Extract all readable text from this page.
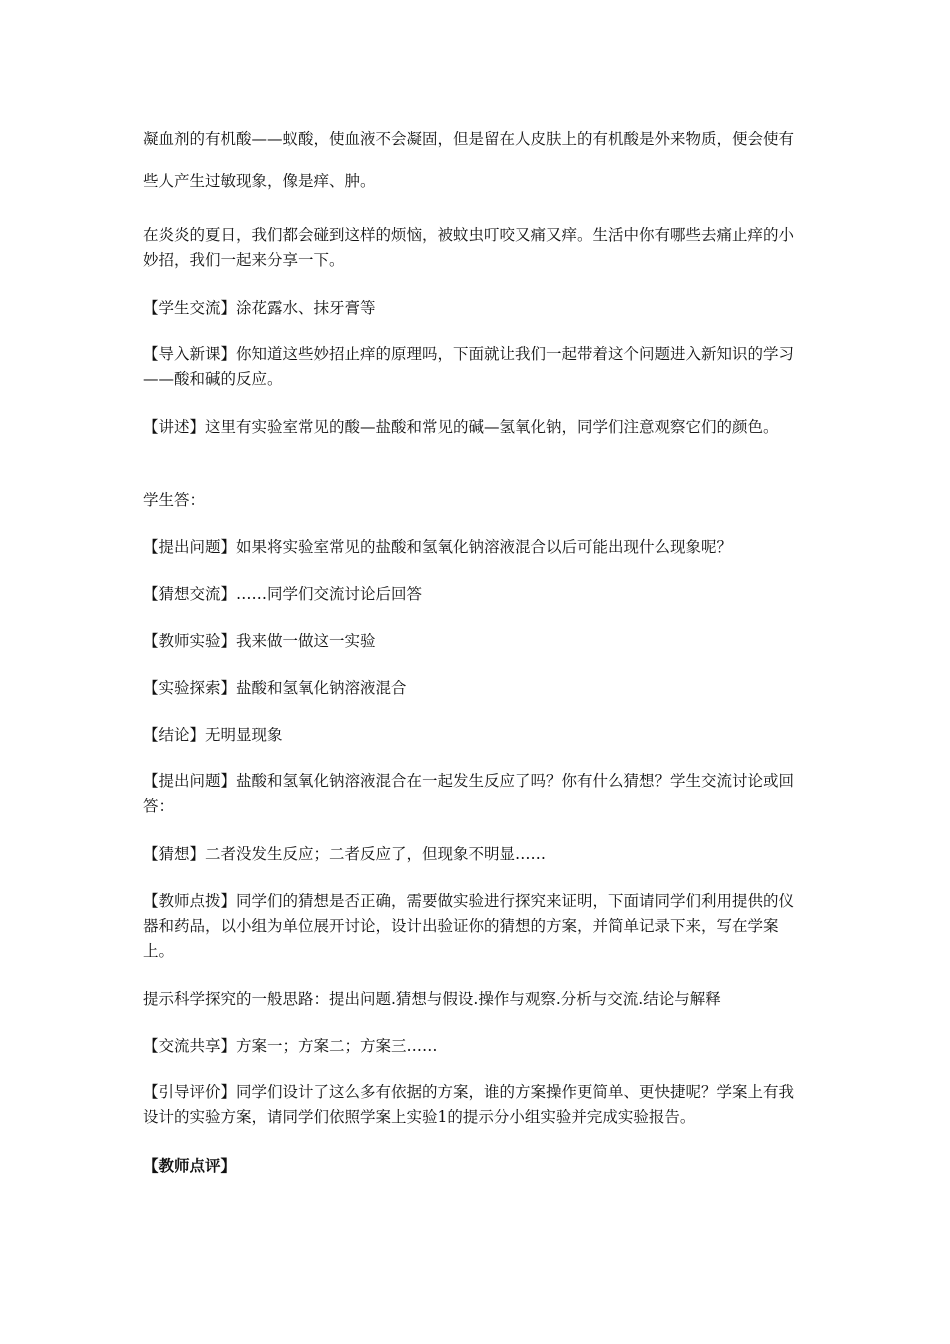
凝血剂的有机酸——蚁酸，使血液不会凝固，但是留在人皮肤上的有机酸是外来物质，便会使有些人产生过敏现象，像是痒、肿。

在炎炎的夏日，我们都会碰到这样的烦恼，被蚊虫叮咬又痛又痒。生活中你有哪些去痛止痒的小妙招，我们一起来分享一下。

【学生交流】涂花露水、抹牙膏等

【导入新课】你知道这些妙招止痒的原理吗，下面就让我们一起带着这个问题进入新知识的学习——酸和碱的反应。

【讲述】这里有实验室常见的酸—盐酸和常见的碱—氢氧化钠，同学们注意观察它们的颜色。

学生答：

【提出问题】如果将实验室常见的盐酸和氢氧化钠溶液混合以后可能出现什么现象呢？

【猜想交流】……同学们交流讨论后回答

【教师实验】我来做一做这一实验

【实验探索】盐酸和氢氧化钠溶液混合

【结论】无明显现象

【提出问题】盐酸和氢氧化钠溶液混合在一起发生反应了吗？你有什么猜想？学生交流讨论或回答：

【猜想】二者没发生反应；二者反应了，但现象不明显……

【教师点拨】同学们的猜想是否正确，需要做实验进行探究来证明，下面请同学们利用提供的仪器和药品，以小组为单位展开讨论，设计出验证你的猜想的方案，并简单记录下来，写在学案上。

提示科学探究的一般思路：提出问题.猜想与假设.操作与观察.分析与交流.结论与解释

【交流共享】方案一；方案二；方案三……

【引导评价】同学们设计了这么多有依据的方案，谁的方案操作更简单、更快捷呢？学案上有我设计的实验方案，请同学们依照学案上实验1的提示分小组实验并完成实验报告。

【教师点评】
